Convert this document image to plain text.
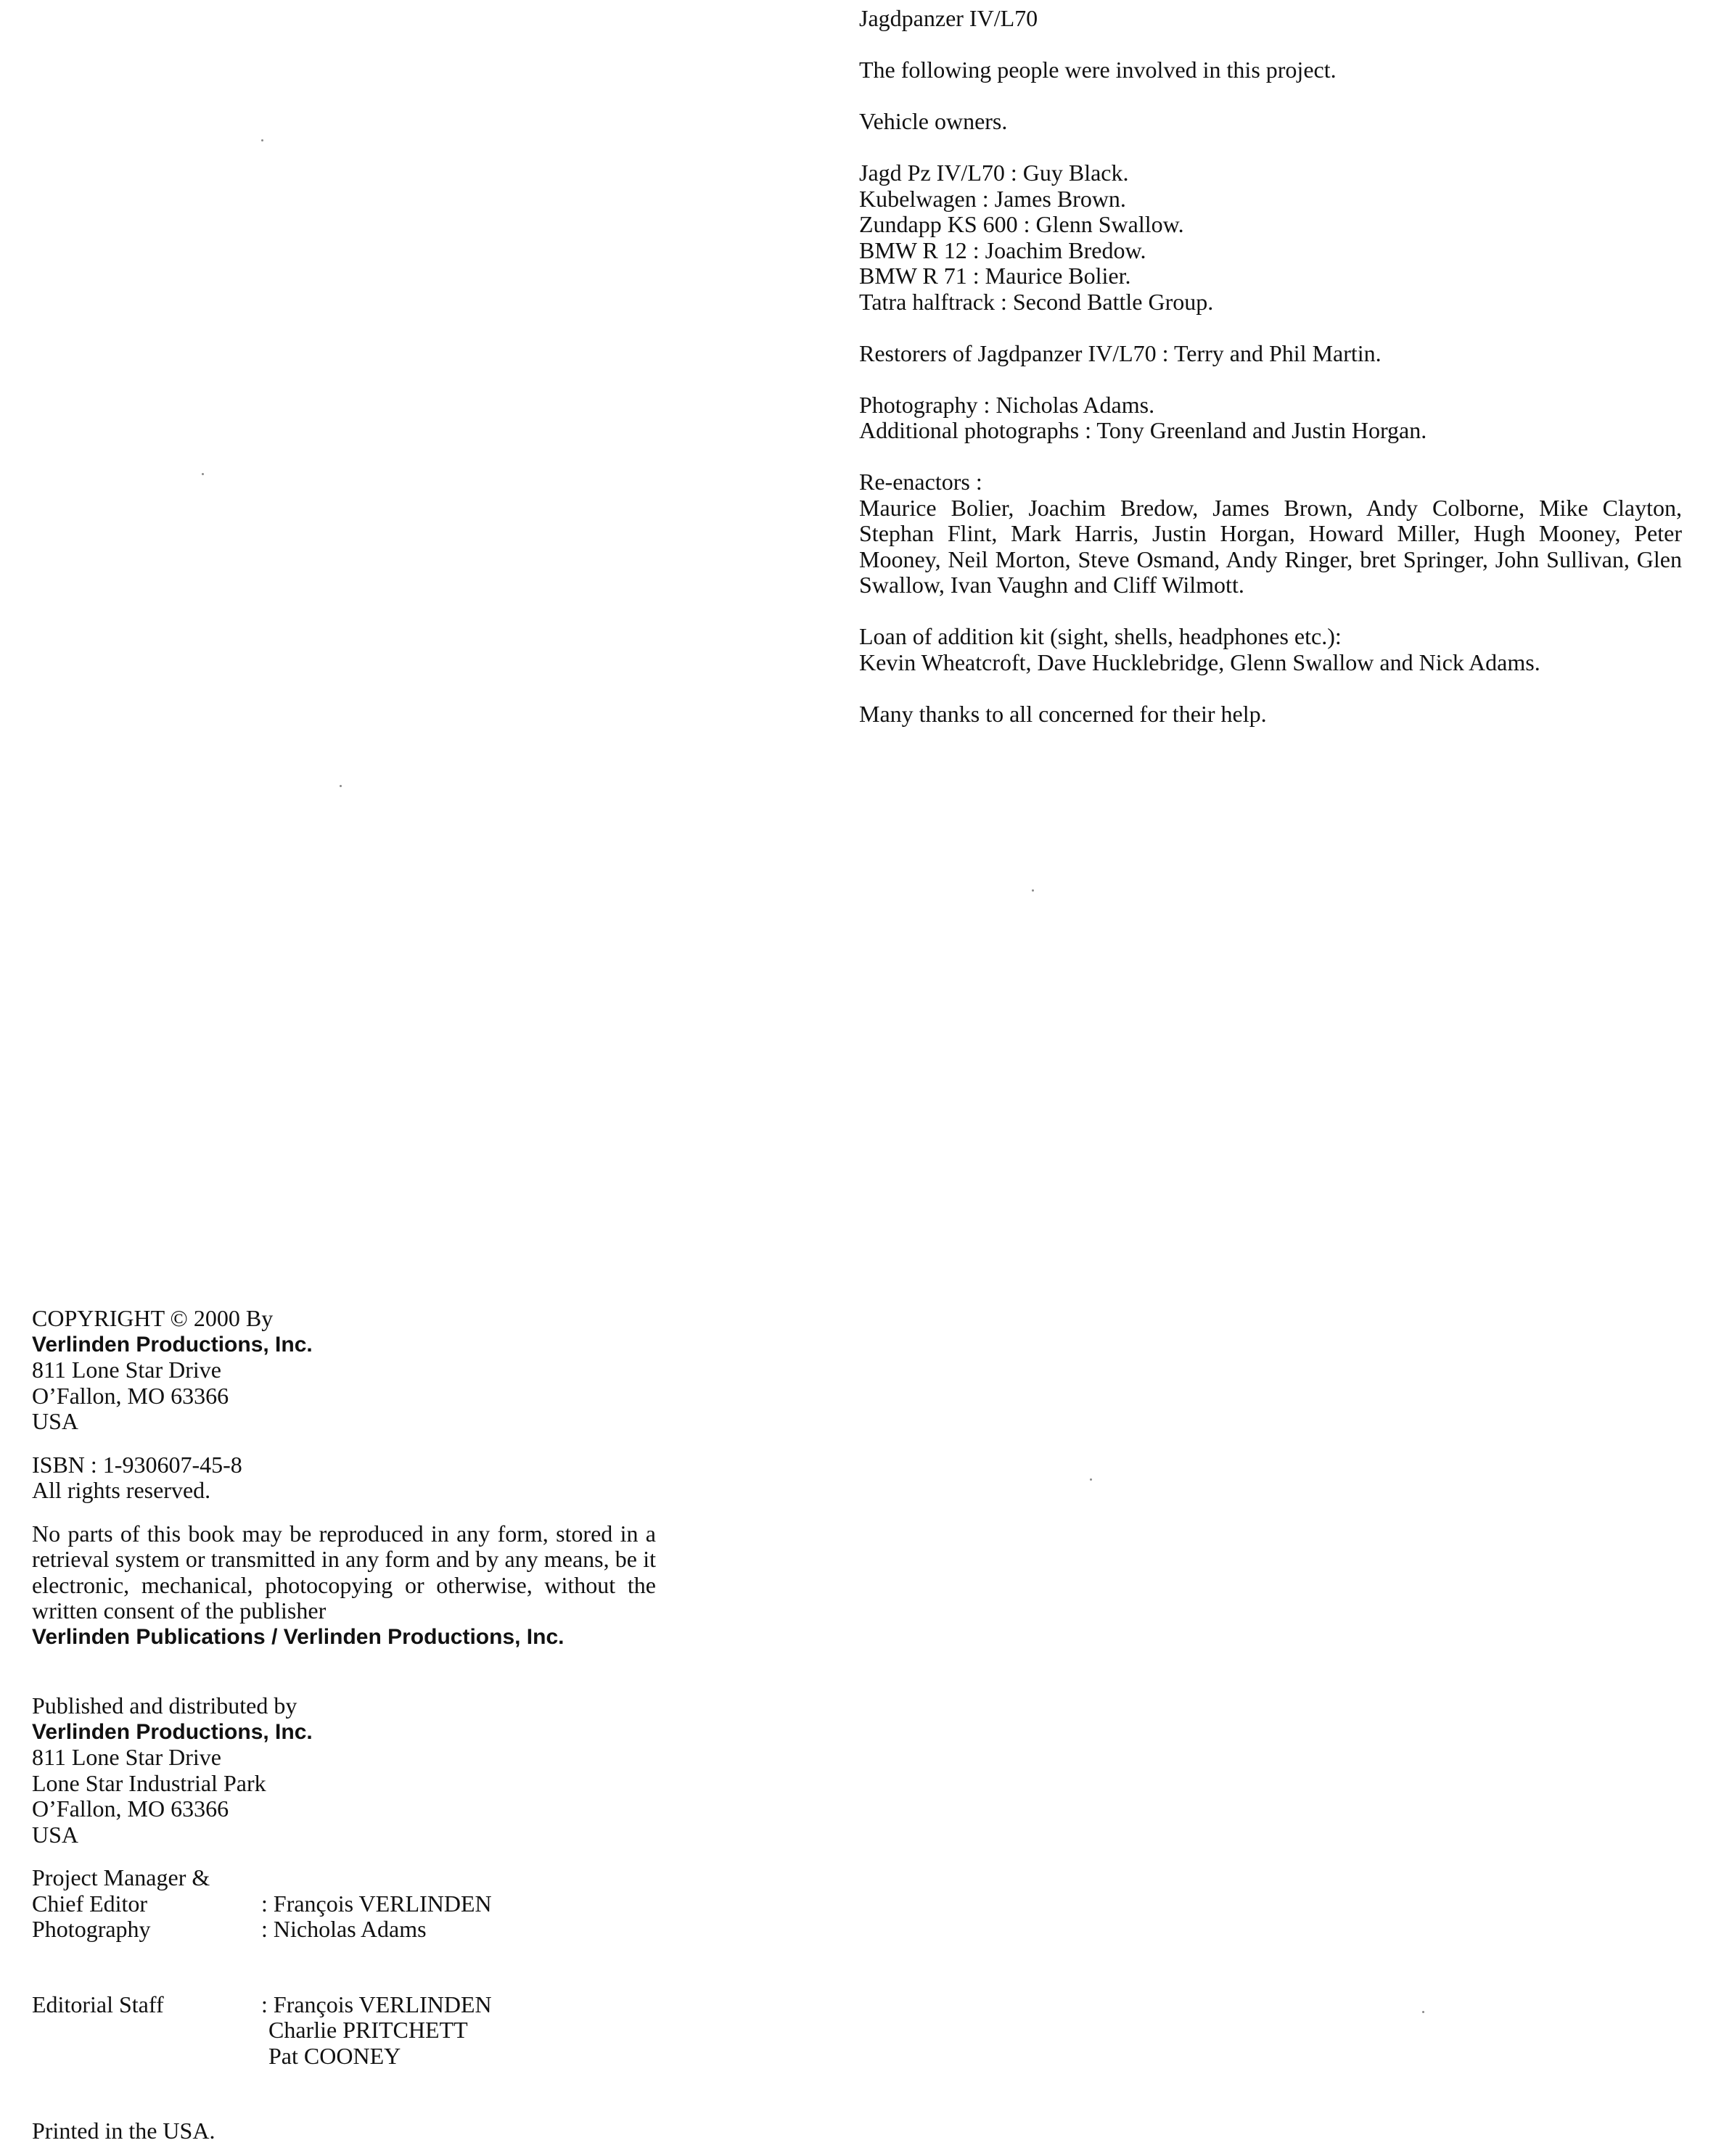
Jagdpanzer IV/L70

The following people were involved in this project.

Vehicle owners.

Jagd Pz IV/L70 : Guy Black.

Kubelwagen : James Brown.

Zundapp KS 600 : Glenn Swallow.

BMW R 12 : Joachim Bredow.

BMW R 71 : Maurice Bolier.

Tatra halftrack : Second Battle Group.

Restorers of Jagdpanzer IV/L70 : Terry and Phil Martin.

Photography : Nicholas Adams.

Additional photographs : Tony Greenland and Justin Horgan.

Re-enactors :

Maurice Bolier, Joachim Bredow, James Brown, Andy Colborne, Mike Clayton, Stephan Flint, Mark Harris, Justin Horgan, Howard Miller, Hugh Mooney, Peter Mooney, Neil Morton, Steve Osmand, Andy Ringer, bret Springer, John Sullivan, Glen Swallow, Ivan Vaughn and Cliff Wilmott.

Loan of addition kit (sight, shells, headphones etc.):

Kevin Wheatcroft, Dave Hucklebridge, Glenn Swallow and Nick Adams.

Many thanks to all concerned for their help.

COPYRIGHT © 2000 By

Verlinden Productions, Inc.

811 Lone Star Drive

O’Fallon, MO 63366

USA

ISBN : 1-930607-45-8

All rights reserved.

No parts of this book may be reproduced in any form, stored in a retrieval system or transmitted in any form and by any means, be it electronic, mechanical, photocopying or otherwise, without the written consent of the publisher

Verlinden Publications / Verlinden Productions, Inc.

Published and distributed by

Verlinden Productions, Inc.

811 Lone Star Drive

Lone Star Industrial Park

O’Fallon, MO 63366

USA

Project Manager &

Chief Editor	: François VERLINDEN
Photography	: Nicholas Adams
Editorial Staff	: François VERLINDEN
Charlie PRITCHETT
Pat COONEY

Printed in the USA.
